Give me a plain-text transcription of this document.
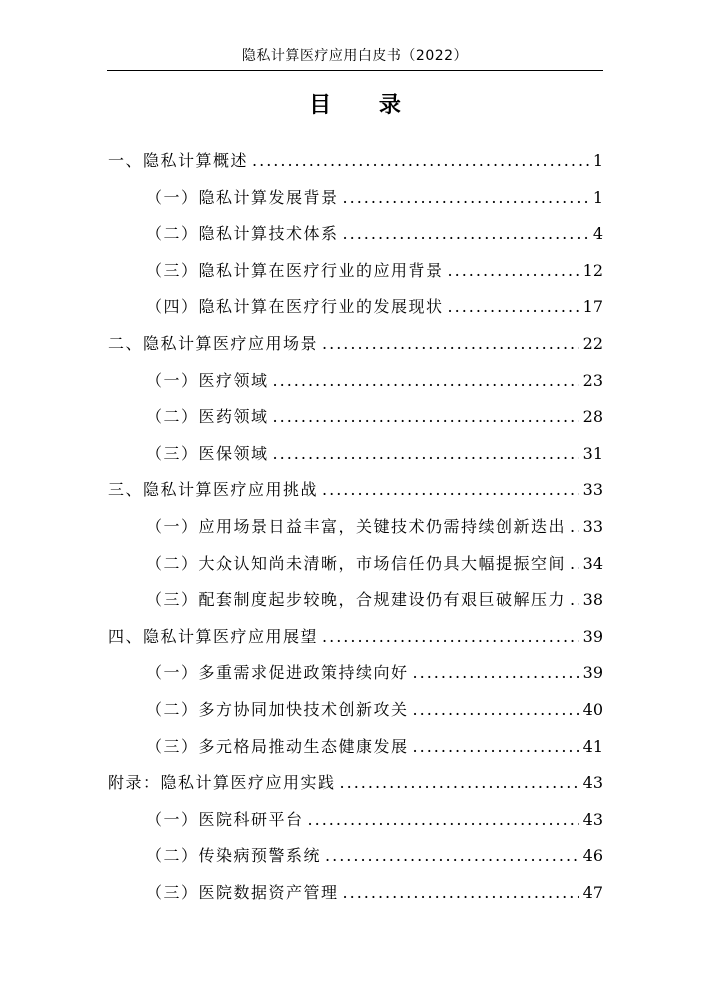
隐私计算医疗应用白皮书（2022）
目 录
一、隐私计算概述 .....	1
（一）隐私计算发展背景 .....	1
（二）隐私计算技术体系 .....	4
（三）隐私计算在医疗行业的应用背景 .....	12
（四）隐私计算在医疗行业的发展现状 .....	17
二、隐私计算医疗应用场景 .....	22
（一）医疗领域 .....	23
（二）医药领域 .....	28
（三）医保领域 .....	31
三、隐私计算医疗应用挑战 .....	33
（一）应用场景日益丰富，关键技术仍需持续创新迭出 ..... 33
（二）大众认知尚未清晰，市场信任仍具大幅提振空间 ..... 34
（三）配套制度起步较晚，合规建设仍有艰巨破解压力 ..... 38
四、隐私计算医疗应用展望 .....	39
（一）多重需求促进政策持续向好 .....	39
（二）多方协同加快技术创新攻关 .....	40
（三）多元格局推动生态健康发展 .....	41
附录：隐私计算医疗应用实践 .....	43
（一）医院科研平台 .....	43
（二）传染病预警系统 .....	46
（三）医院数据资产管理 .....	47
